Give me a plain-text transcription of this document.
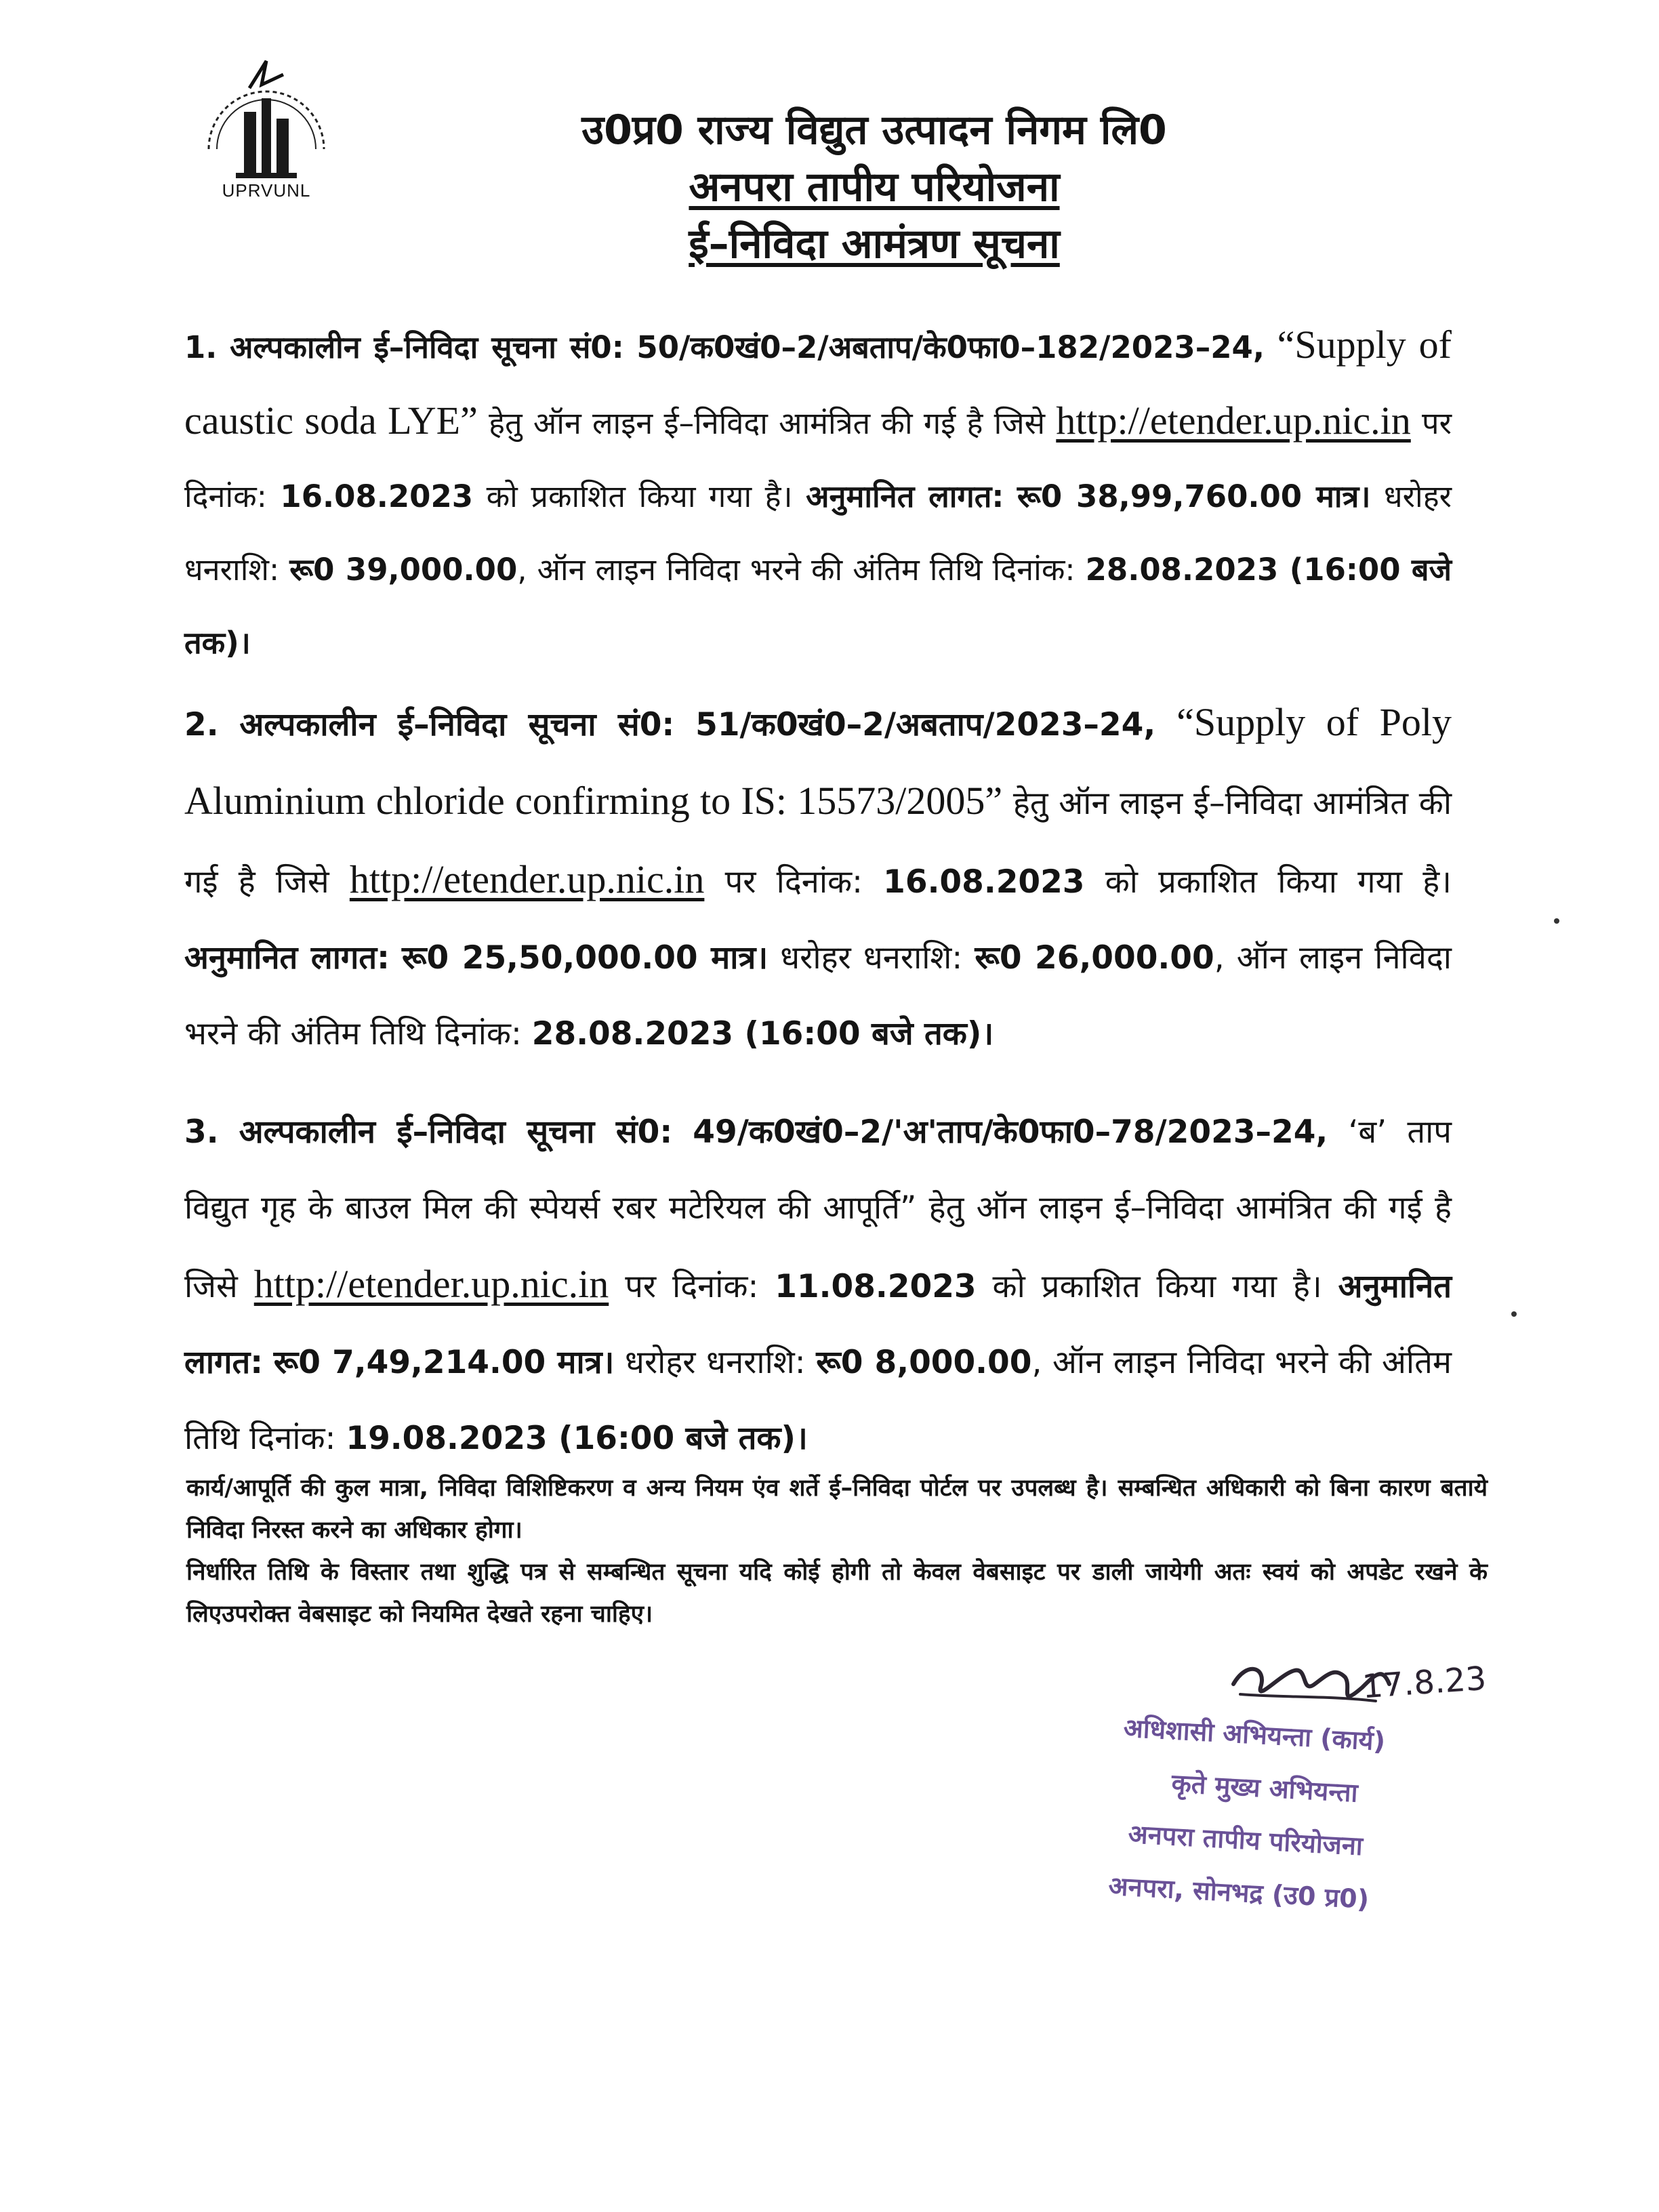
UPRVUNL
उ0प्र0 राज्य विद्युत उत्पादन निगम लि0
अनपरा तापीय परियोजना
ई–निविदा आमंत्रण सूचना

1. अल्पकालीन ई–निविदा सूचना सं0: 50/क0खं0–2/अबताप/के0फा0–182/2023–24, “Supply of caustic soda LYE” हेतु ऑन लाइन ई–निविदा आमंत्रित की गई है जिसे http://etender.up.nic.in पर दिनांक: 16.08.2023 को प्रकाशित किया गया है। अनुमानित लागत: रू0 38,99,760.00 मात्र। धरोहर धनराशि: रू0 39,000.00, ऑन लाइन निविदा भरने की अंतिम तिथि दिनांक: 28.08.2023 (16:00 बजे तक)।

2. अल्पकालीन ई–निविदा सूचना सं0: 51/क0खं0–2/अबताप/2023–24, “Supply of Poly Aluminium chloride confirming to IS: 15573/2005” हेतु ऑन लाइन ई–निविदा आमंत्रित की गई है जिसे http://etender.up.nic.in पर दिनांक: 16.08.2023 को प्रकाशित किया गया है। अनुमानित लागत: रू0 25,50,000.00 मात्र। धरोहर धनराशि: रू0 26,000.00, ऑन लाइन निविदा भरने की अंतिम तिथि दिनांक: 28.08.2023 (16:00 बजे तक)।

3. अल्पकालीन ई–निविदा सूचना सं0: 49/क0खं0–2/'अ'ताप/के0फा0–78/2023–24, ‘ब’ ताप विद्युत गृह के बाउल मिल की स्पेयर्स रबर मटेरियल की आपूर्ति” हेतु ऑन लाइन ई–निविदा आमंत्रित की गई है जिसे http://etender.up.nic.in पर दिनांक: 11.08.2023 को प्रकाशित किया गया है। अनुमानित लागत: रू0 7,49,214.00 मात्र। धरोहर धनराशि: रू0 8,000.00, ऑन लाइन निविदा भरने की अंतिम तिथि दिनांक: 19.08.2023 (16:00 बजे तक)।

कार्य/आपूर्ति की कुल मात्रा, निविदा विशिष्टिकरण व अन्य नियम एंव शर्ते ई–निविदा पोर्टल पर उपलब्ध है। सम्बन्धित अधिकारी को बिना कारण बताये निविदा निरस्त करने का अधिकार होगा।

निर्धारित तिथि के विस्तार तथा शुद्धि पत्र से सम्बन्धित सूचना यदि कोई होगी तो केवल वेबसाइट पर डाली जायेगी अतः स्वयं को अपडेट रखने के लिएउपरोक्त वेबसाइट को नियमित देखते रहना चाहिए।

17.8.23
अधिशासी अभियन्ता (कार्य)
कृते मुख्य अभियन्ता
अनपरा तापीय परियोजना
अनपरा, सोनभद्र (उ0 प्र0)
